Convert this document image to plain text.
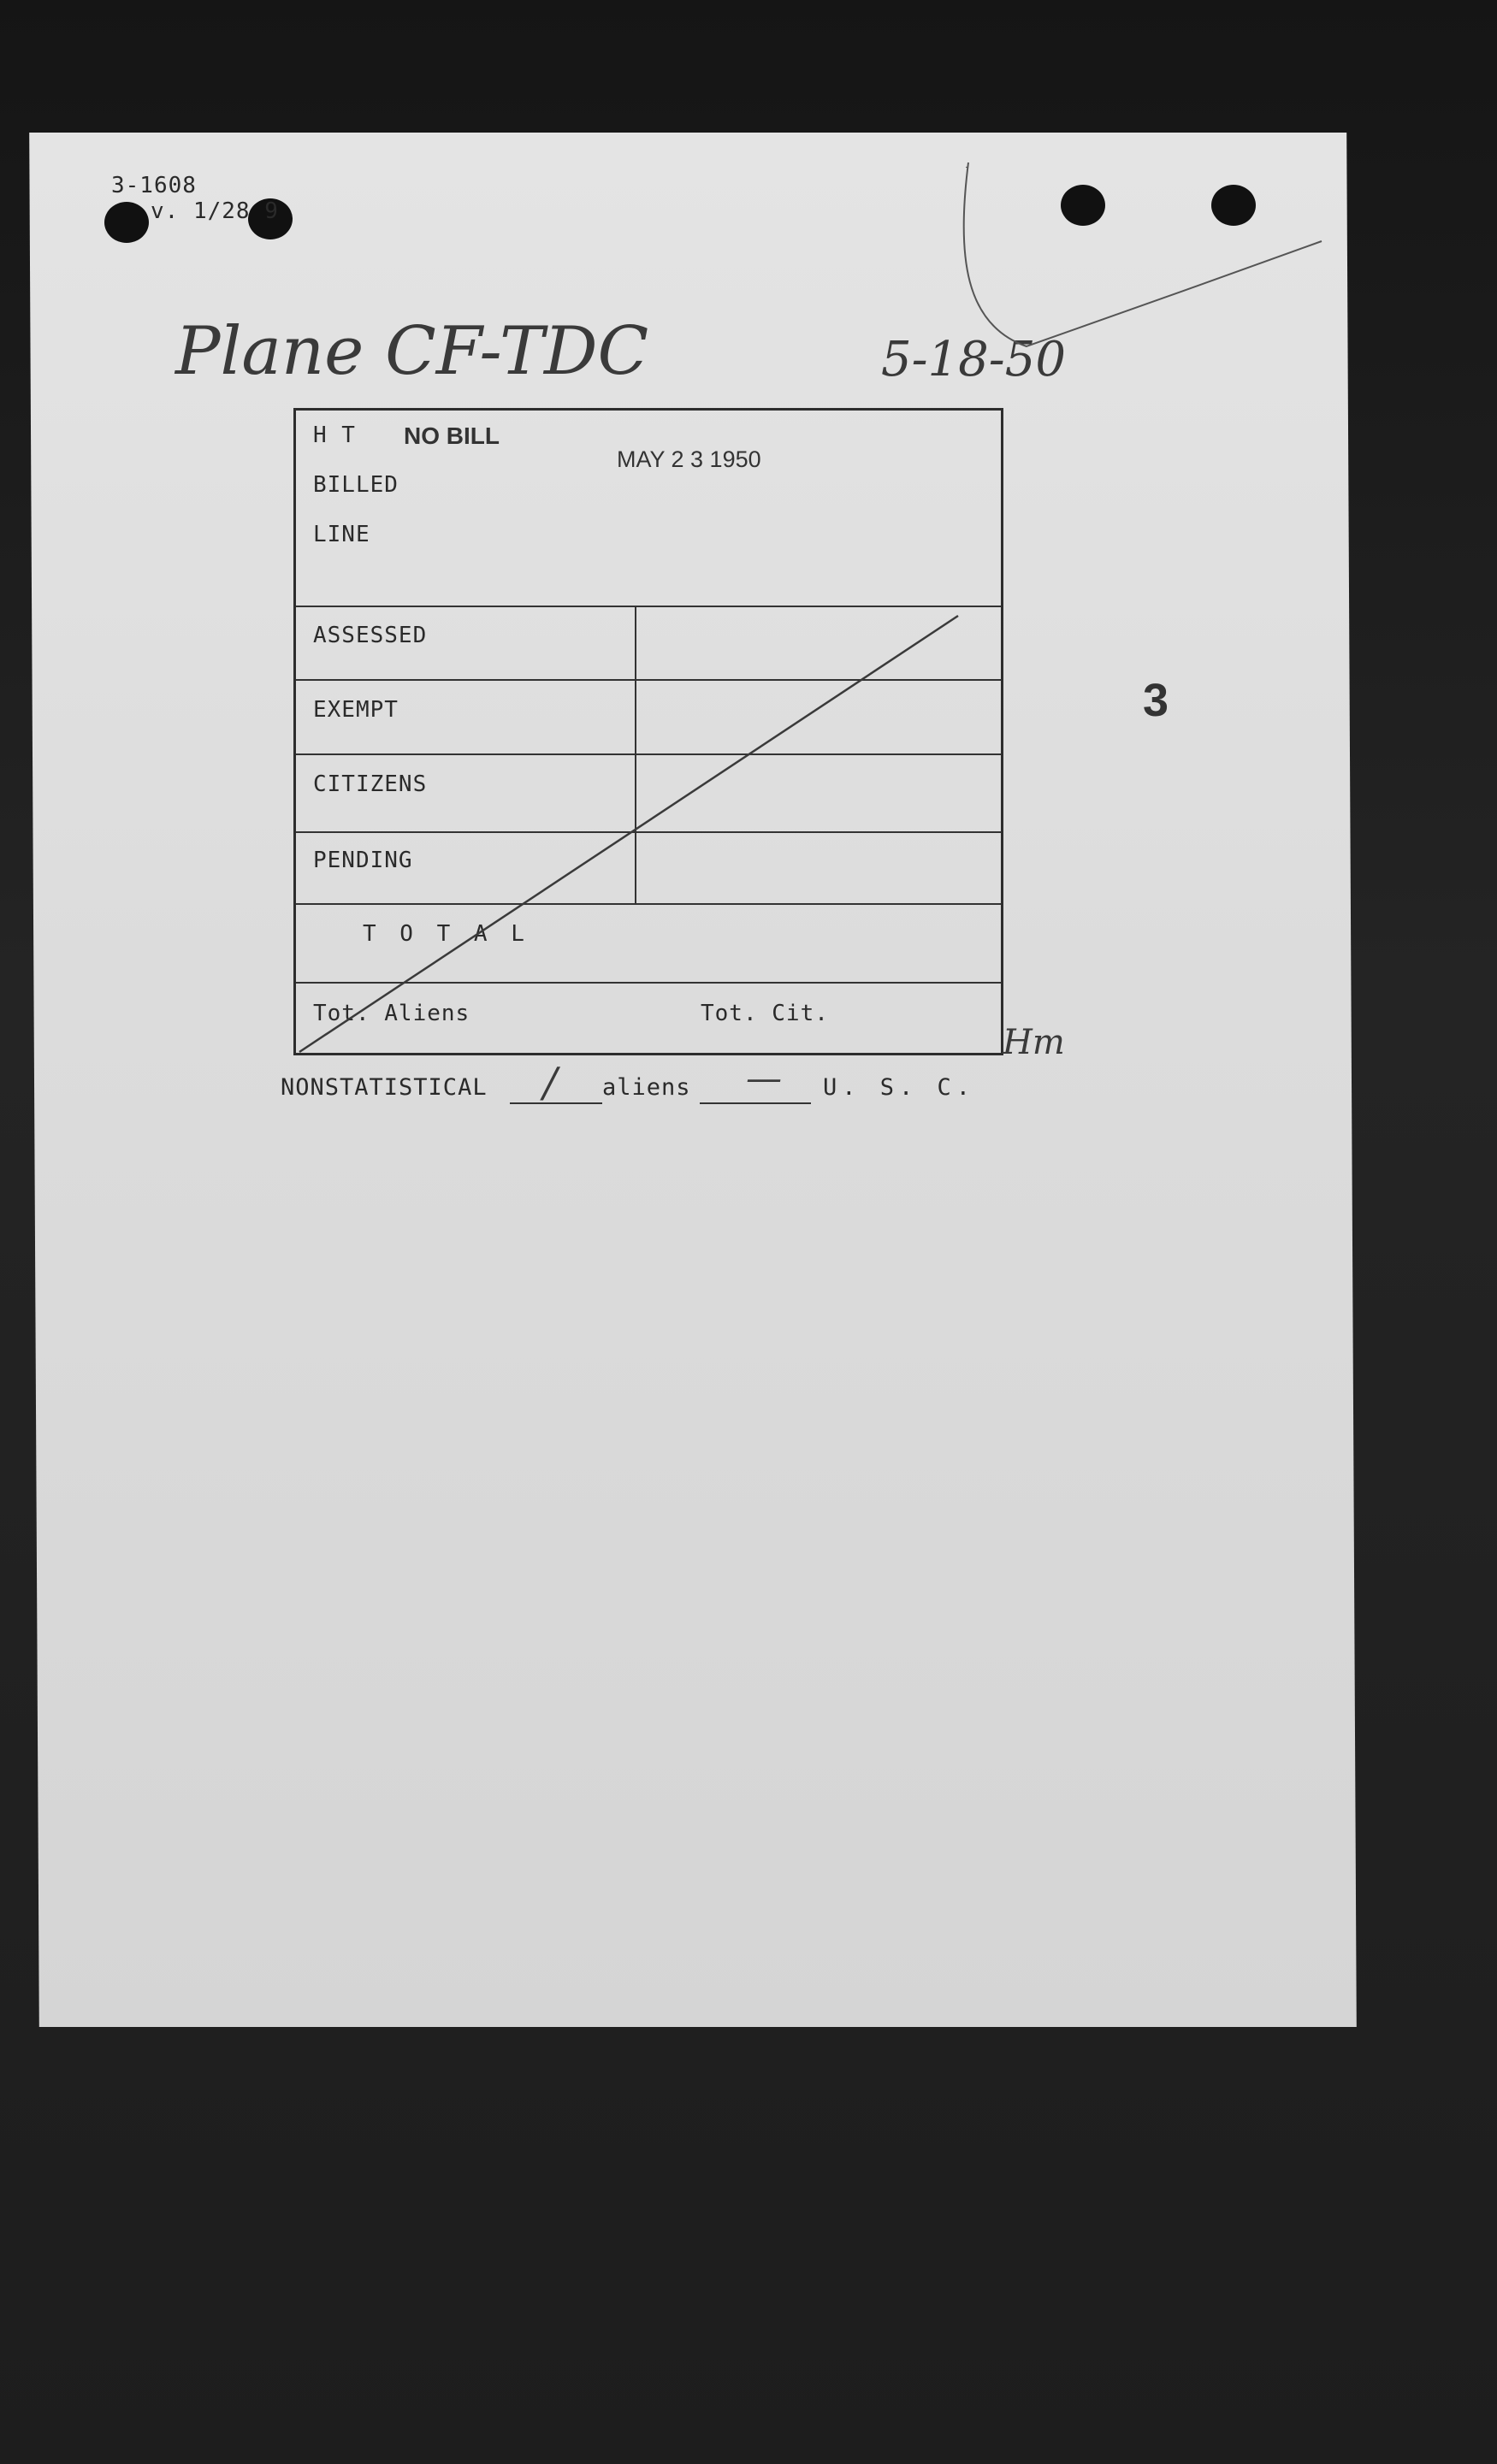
3-1608
v. 1/28 9
Plane CF-TDC	5-18-50
3
H T
BILLED
LINE
NO BILL
MAY 2 3 1950
ASSESSED
EXEMPT
CITIZENS
PENDING
T O T A L
Tot. Aliens	Tot. Cit.
Hm
NONSTATISTICAL / aliens — U. S. C.
